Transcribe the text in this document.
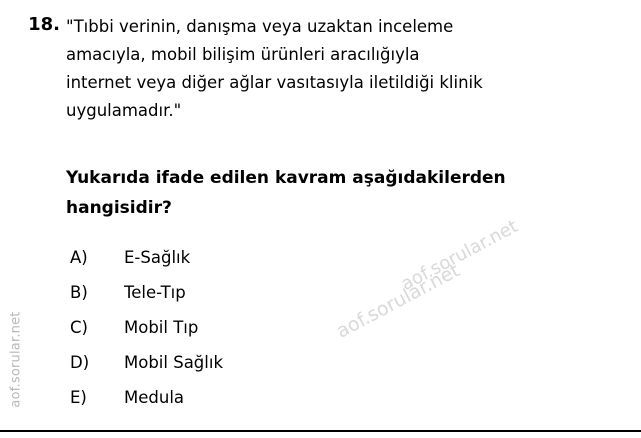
aof.sorular.net
18. "Tıbbi verinin, danışma veya uzaktan inceleme
amacıyla, mobil bilişim ürünleri aracılığıyla
internet veya diğer ağlar vasıtasıyla iletildiği klinik
uygulamadır."
Yukarıda ifade edilen kavram aşağıdakilerden
hangisidir?
A)	E-Sağlık
B)	Tele-Tıp
C)	Mobil Tıp
D)	Mobil Sağlık
E)	Medula
aof.sorular.net
aof.sorular.net
